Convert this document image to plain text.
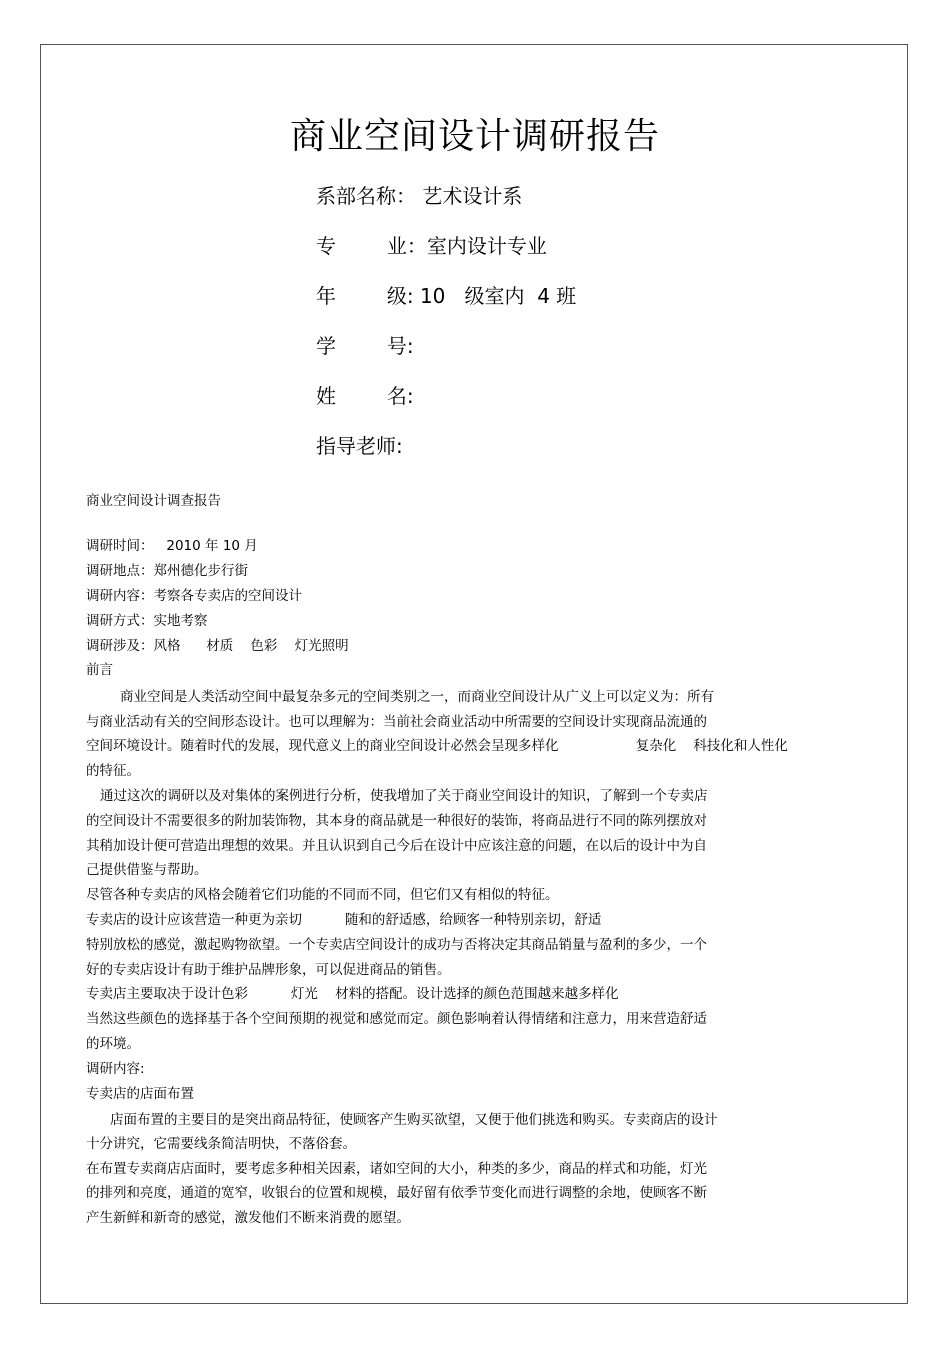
商业空间设计调研报告
系部名称： 艺术设计系
专        业：室内设计专业
年        级: 10   级室内  4 班
学        号:
姓        名:
指导老师:
商业空间设计调查报告
调研时间：   2010 年 10 月
调研地点：郑州德化步行街
调研内容：考察各专卖店的空间设计
调研方式：实地考察
调研涉及：风格      材质    色彩    灯光照明
前言
商业空间是人类活动空间中最复杂多元的空间类别之一，而商业空间设计从广义上可以定义为：所有
与商业活动有关的空间形态设计。也可以理解为：当前社会商业活动中所需要的空间设计实现商品流通的
空间环境设计。随着时代的发展，现代意义上的商业空间设计必然会呈现多样化                  复杂化    科技化和人性化
的特征。
通过这次的调研以及对集体的案例进行分析，使我增加了关于商业空间设计的知识，了解到一个专卖店
的空间设计不需要很多的附加装饰物，其本身的商品就是一种很好的装饰，将商品进行不同的陈列摆放对
其稍加设计便可营造出理想的效果。并且认识到自己今后在设计中应该注意的问题，在以后的设计中为自
己提供借鉴与帮助。
尽管各种专卖店的风格会随着它们功能的不同而不同，但它们又有相似的特征。
专卖店的设计应该营造一种更为亲切          随和的舒适感，给顾客一种特别亲切，舒适
特别放松的感觉，激起购物欲望。一个专卖店空间设计的成功与否将决定其商品销量与盈利的多少，一个
好的专卖店设计有助于维护品牌形象，可以促进商品的销售。
专卖店主要取决于设计色彩          灯光    材料的搭配。设计选择的颜色范围越来越多样化
当然这些颜色的选择基于各个空间预期的视觉和感觉而定。颜色影响着认得情绪和注意力，用来营造舒适
的环境。
调研内容:
专卖店的店面布置
店面布置的主要目的是突出商品特征，使顾客产生购买欲望，又便于他们挑选和购买。专卖商店的设计
十分讲究，它需要线条简洁明快，不落俗套。
在布置专卖商店店面时，要考虑多种相关因素，诸如空间的大小，种类的多少，商品的样式和功能，灯光
的排列和亮度，通道的宽窄，收银台的位置和规模，最好留有依季节变化而进行调整的余地，使顾客不断
产生新鲜和新奇的感觉，激发他们不断来消费的愿望。
